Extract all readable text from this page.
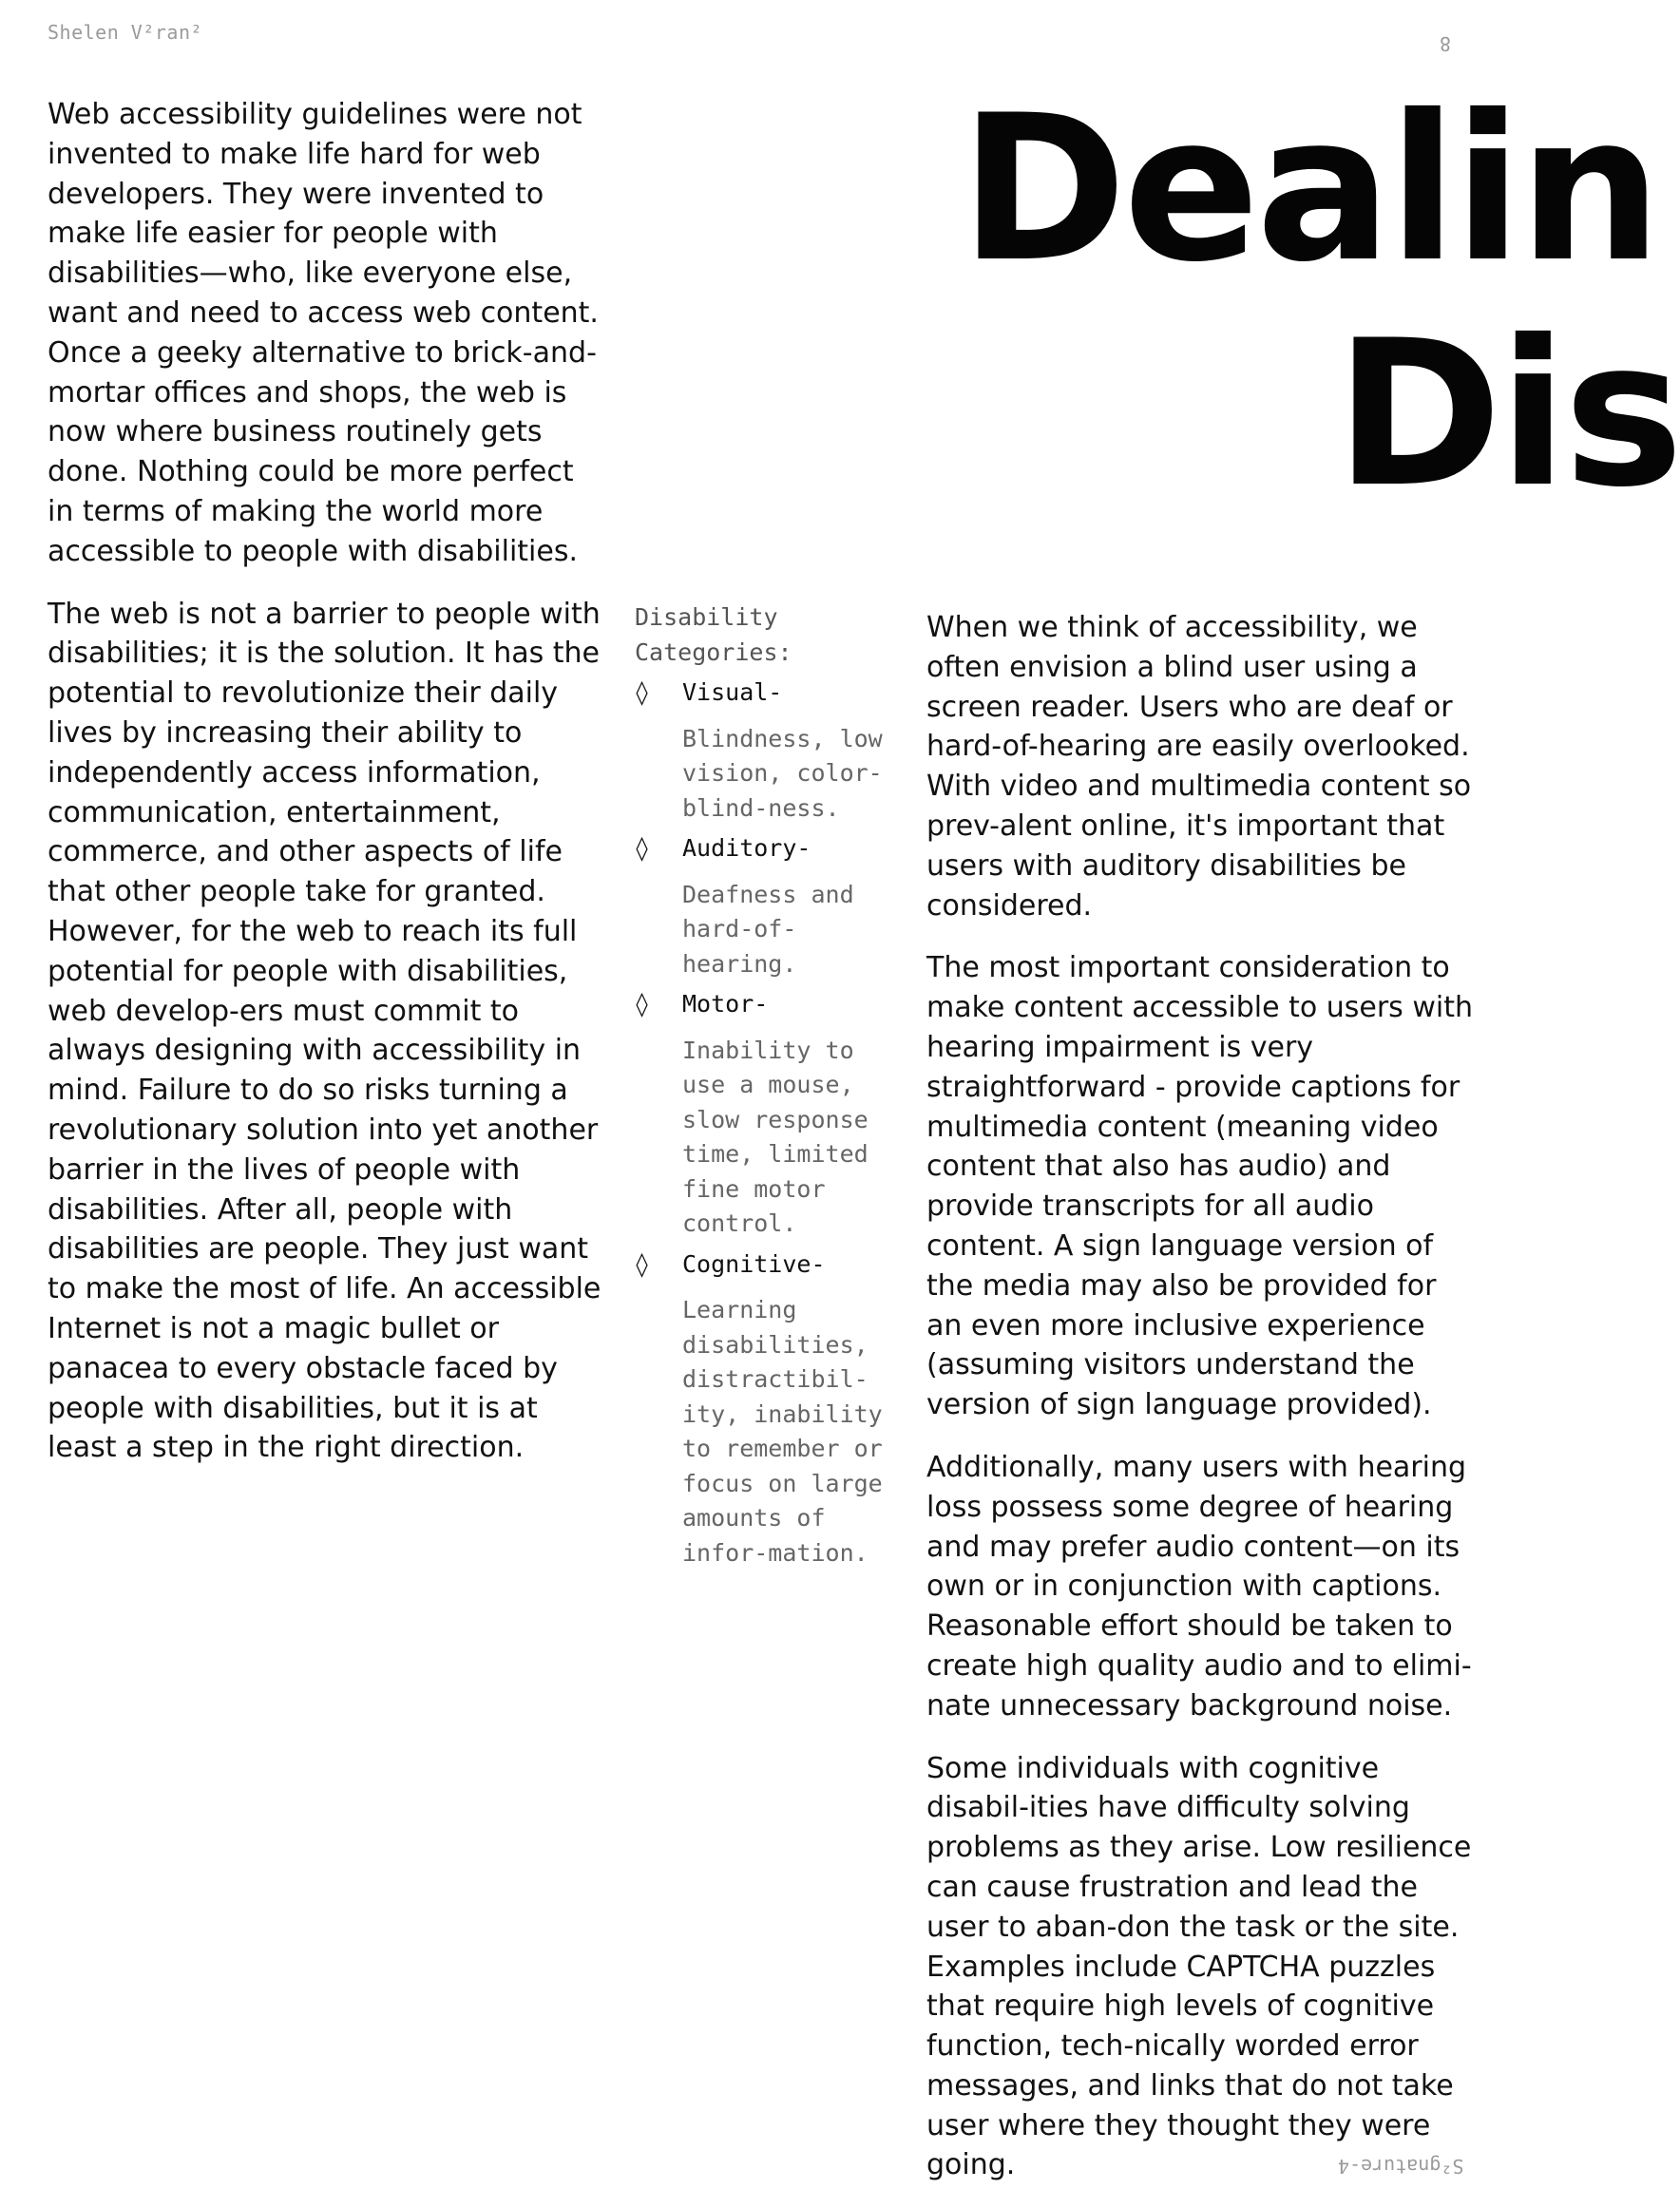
Shelen V²ran²	8
Dealin
Dis

Web accessibility guidelines were not invented to make life hard for web developers. They were invented to make life easier for people with disabilities—who, like everyone else, want and need to access web content. Once a geeky alternative to brick-and-mortar offices and shops, the web is now where business routinely gets done. Nothing could be more perfect in terms of making the world more accessible to people with disabilities.

The web is not a barrier to people with disabilities; it is the solution. It has the potential to revolutionize their daily lives by increasing their ability to independently access information, communication, entertainment, commerce, and other aspects of life that other people take for granted. However, for the web to reach its full potential for people with disabilities, web develop-ers must commit to always designing with accessibility in mind. Failure to do so risks turning a revolutionary solution into yet another barrier in the lives of people with disabilities. After all, people with disabilities are people. They just want to make the most of life. An accessible Internet is not a magic bullet or panacea to every obstacle faced by people with disabilities, but it is at least a step in the right direction.

Disability Categories:
◊ Visual-
Blindness, low vision, color-blind-ness.
◊ Auditory-
Deafness and hard-of-hearing.
◊ Motor-
Inability to use a mouse, slow response time, limited fine motor control.
◊ Cognitive-
Learning disabilities, distractibil-ity, inability to remember or focus on large amounts of infor-mation.

When we think of accessibility, we often envision a blind user using a screen reader. Users who are deaf or hard-of-hearing are easily overlooked. With video and multimedia content so prev-alent online, it's important that users with auditory disabilities be considered.

The most important consideration to make content accessible to users with hearing impairment is very straightforward - provide captions for multimedia content (meaning video content that also has audio) and provide transcripts for all audio content. A sign language version of the media may also be provided for an even more inclusive experience (assuming visitors understand the version of sign language provided).

Additionally, many users with hearing loss possess some degree of hearing and may prefer audio content—on its own or in conjunction with captions. Reasonable effort should be taken to create high quality audio and to elimi-nate unnecessary background noise.

Some individuals with cognitive disabil-ities have difficulty solving problems as they arise. Low resilience can cause frustration and lead the user to aban-don the task or the site. Examples include CAPTCHA puzzles that require high levels of cognitive function, tech-nically worded error messages, and links that do not take user where they thought they were going.	S²gnature-4
